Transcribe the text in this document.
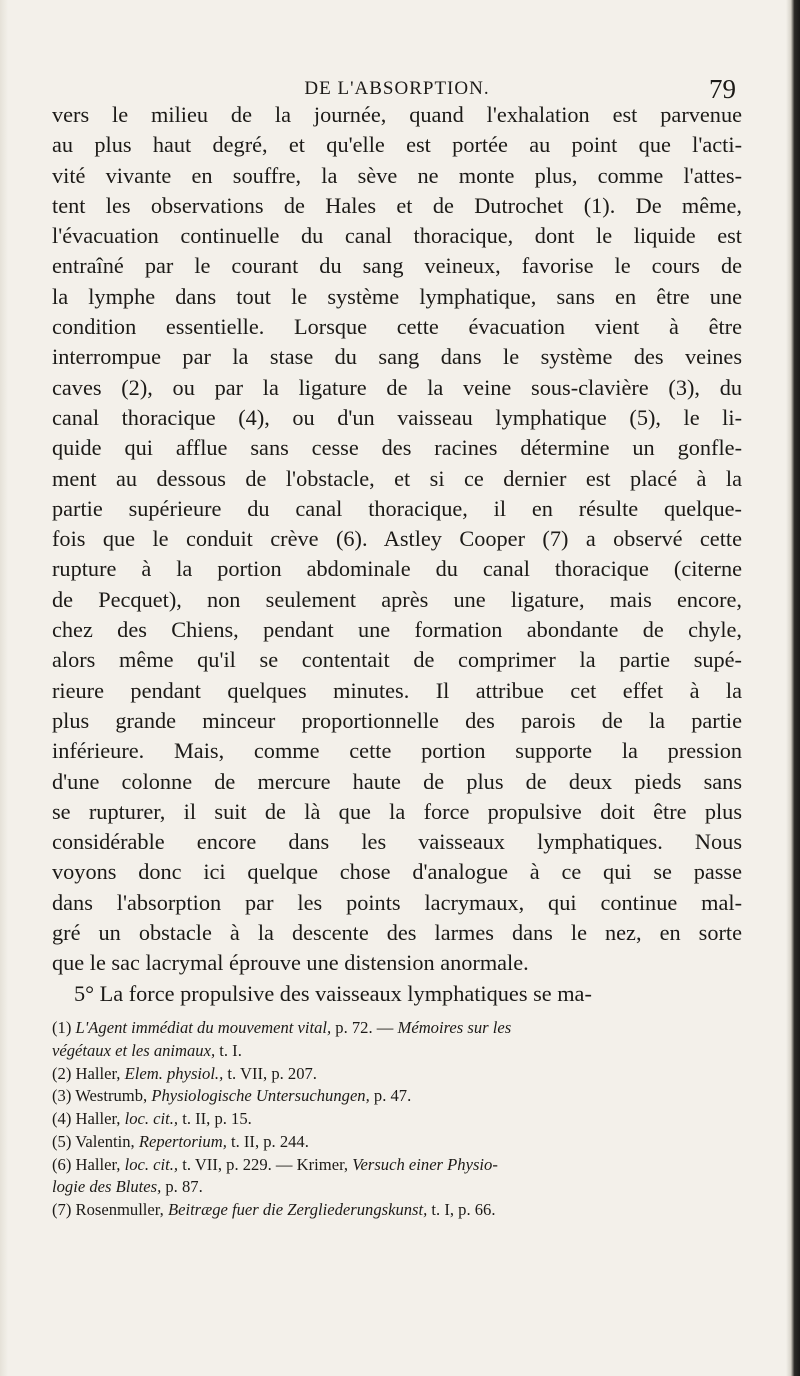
DE L'ABSORPTION.	79
vers le milieu de la journée, quand l'exhalation est parvenue
au plus haut degré, et qu'elle est portée au point que l'acti-
vité vivante en souffre, la sève ne monte plus, comme l'attes-
tent les observations de Hales et de Dutrochet (1). De même,
l'évacuation continuelle du canal thoracique, dont le liquide est
entraîné par le courant du sang veineux, favorise le cours de
la lymphe dans tout le système lymphatique, sans en être une
condition essentielle. Lorsque cette évacuation vient à être
interrompue par la stase du sang dans le système des veines
caves (2), ou par la ligature de la veine sous-clavière (3), du
canal thoracique (4), ou d'un vaisseau lymphatique (5), le li-
quide qui afflue sans cesse des racines détermine un gonfle-
ment au dessous de l'obstacle, et si ce dernier est placé à la
partie supérieure du canal thoracique, il en résulte quelque-
fois que le conduit crève (6). Astley Cooper (7) a observé cette
rupture à la portion abdominale du canal thoracique (citerne
de Pecquet), non seulement après une ligature, mais encore,
chez des Chiens, pendant une formation abondante de chyle,
alors même qu'il se contentait de comprimer la partie supé-
rieure pendant quelques minutes. Il attribue cet effet à la
plus grande minceur proportionnelle des parois de la partie
inférieure. Mais, comme cette portion supporte la pression
d'une colonne de mercure haute de plus de deux pieds sans
se rupturer, il suit de là que la force propulsive doit être plus
considérable encore dans les vaisseaux lymphatiques. Nous
voyons donc ici quelque chose d'analogue à ce qui se passe
dans l'absorption par les points lacrymaux, qui continue mal-
gré un obstacle à la descente des larmes dans le nez, en sorte
que le sac lacrymal éprouve une distension anormale.
5° La force propulsive des vaisseaux lymphatiques se ma-
(1) L'Agent immédiat du mouvement vital, p. 72. — Mémoires sur les
végétaux et les animaux, t. I.
(2) Haller, Elem. physiol., t. VII, p. 207.
(3) Westrumb, Physiologische Untersuchungen, p. 47.
(4) Haller, loc. cit., t. II, p. 15.
(5) Valentin, Repertorium, t. II, p. 244.
(6) Haller, loc. cit., t. VII, p. 229. — Krimer, Versuch einer Physio-
logie des Blutes, p. 87.
(7) Rosenmuller, Beitræge fuer die Zergliederungskunst, t. I, p. 66.
